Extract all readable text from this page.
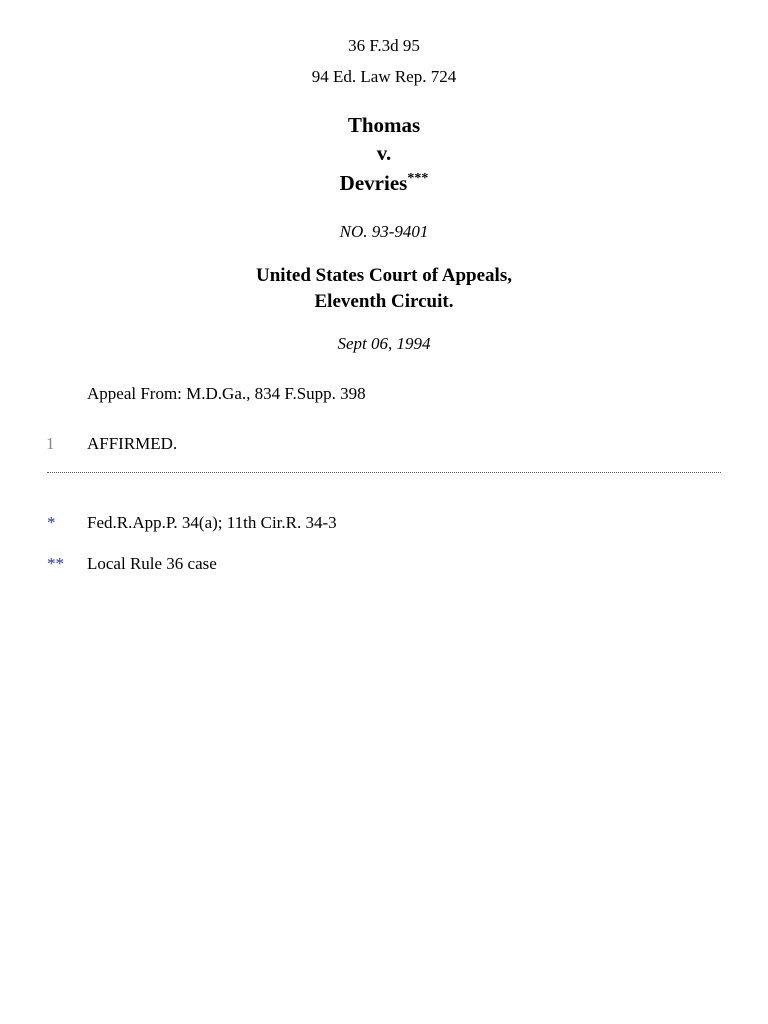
36 F.3d 95
94 Ed. Law Rep. 724
Thomas
v.
Devries***
NO. 93-9401
United States Court of Appeals,
Eleventh Circuit.
Sept 06, 1994
Appeal From: M.D.Ga., 834 F.Supp. 398
1 AFFIRMED.
* Fed.R.App.P. 34(a); 11th Cir.R. 34-3
** Local Rule 36 case
